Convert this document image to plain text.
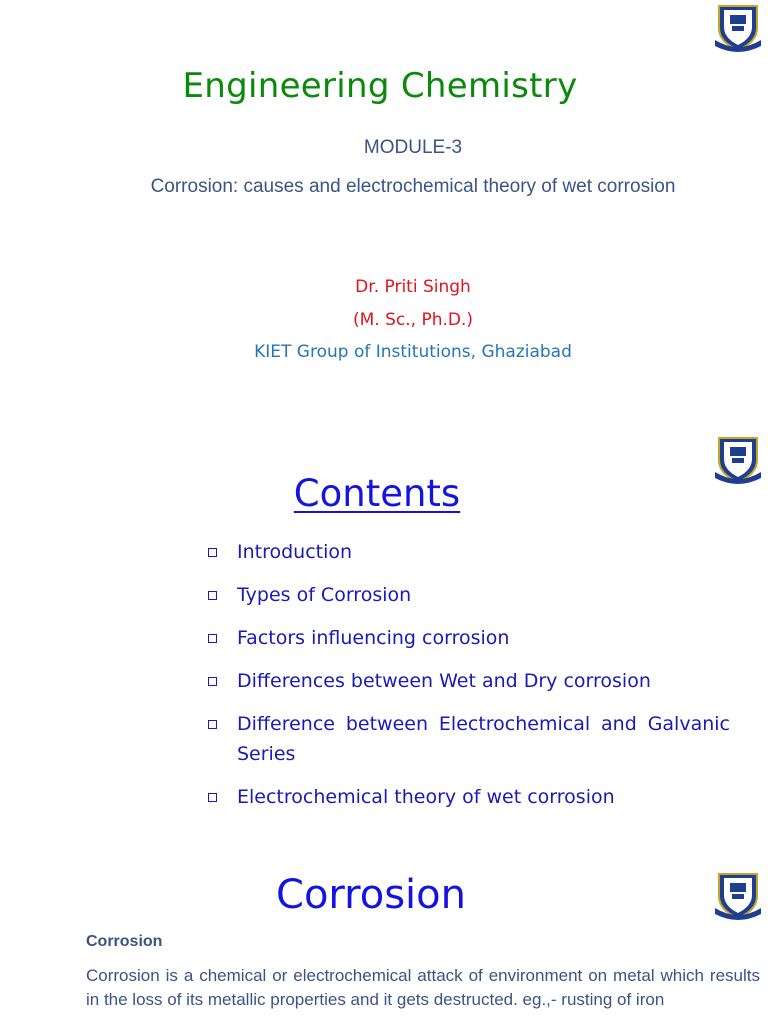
Engineering Chemistry
MODULE-3
Corrosion: causes and electrochemical theory of wet corrosion
Dr. Priti Singh
(M. Sc., Ph.D.)
KIET Group of Institutions, Ghaziabad
Contents
Introduction
Types of Corrosion
Factors influencing corrosion
Differences between Wet and Dry corrosion
Difference between Electrochemical and Galvanic Series
Electrochemical theory of wet corrosion
Corrosion
Corrosion

Corrosion is a chemical or electrochemical attack of environment on metal which results in the loss of its metallic properties and it gets destructed. eg.,- rusting of iron
